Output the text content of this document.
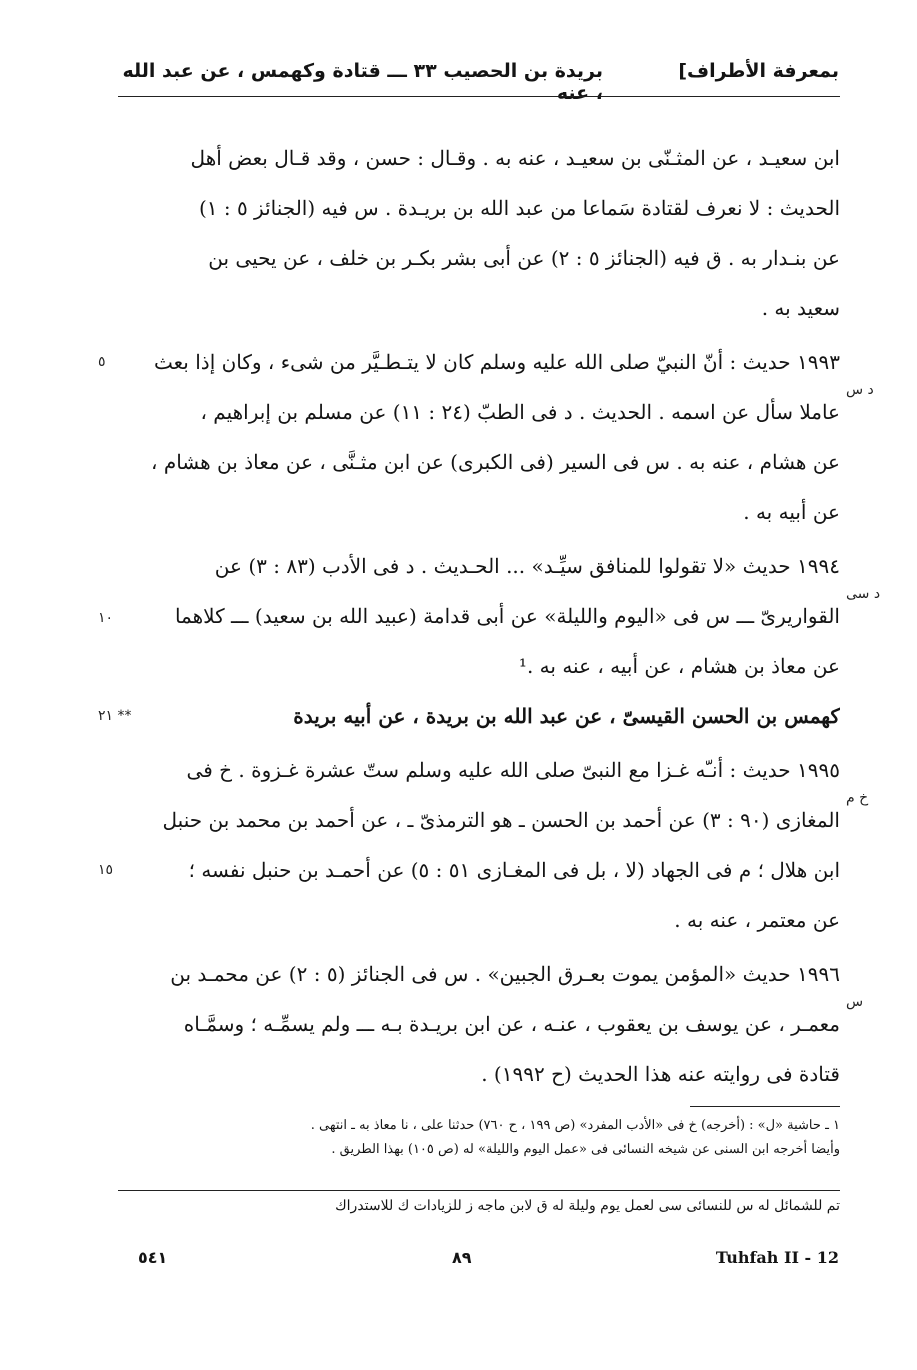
بمعرفة الأطراف]
بريدة بن الحصيب ٣٣ ـــ قتادة وكهمس ، عن عبد الله ، عنه
ابن سعيـد ، عن المثـنّى بن سعيـد ، عنه به . وقـال : حسن ، وقد قـال بعض أهل
الحديث : لا نعرف لقتادة سَماعا من عبد الله بن بريـدة . س فيه (الجنائز ٥ : ١)
عن بنـدار به . ق فيه (الجنائز ٥ : ٢) عن أبى بشر بكـر بن خلف ، عن يحيى بن
سعيد به .
١٩٩٣ حديث : أنّ النبيّ صلى الله عليه وسلم كان لا يتـطـيَّر من شىء ، وكان إذا بعث
عاملا سأل عن اسمه . الحديث . د فى الطبّ (٢٤ : ١١) عن مسلم بن إبراهيم ،
عن هشام ، عنه به . س فى السير (فى الكبرى) عن ابن مثـنَّى ، عن معاذ بن هشام ،
عن أبيه به .
١٩٩٤ حديث «لا تقولوا للمنافق سيِّـد» ... الحـديث . د فى الأدب (٨٣ : ٣) عن
القواريرىّ ـــ س فى «اليوم والليلة» عن أبى قدامة (عبيد الله بن سعيد) ـــ كلاهما
عن معاذ بن هشام ، عن أبيه ، عنه به .¹
كهمس بن الحسن القيسىّ ، عن عبد الله بن بريدة ، عن أبيه بريدة
١٩٩٥ حديث : أنـّه غـزا مع النبىّ صلى الله عليه وسلم ستّ عشرة غـزوة . خ فى
المغازى (٩٠ : ٣) عن أحمد بن الحسن ـ هو الترمذىّ ـ ، عن أحمد بن محمد بن حنبل
ابن هلال ؛ م فى الجهاد (لا ، بل فى المغـازى ٥١ : ٥) عن أحمـد بن حنبل نفسه ؛
عن معتمر ، عنه به .
١٩٩٦ حديث «المؤمن يموت بعـرق الجبين» . س فى الجنائز (٥ : ٢) عن محمـد بن
معمـر ، عن يوسف بن يعقوب ، عنـه ، عن ابن بريـدة بـه ـــ ولم يسمِّـه ؛ وسمَّـاه
قتادة فى روايته عنه هذا الحديث (ح ١٩٩٢) .
٥
د س
د سى
١٠
٢١ **
خ م
١٥
س
١ ـ حاشية «ل» : (أخرجه) خ فى «الأدب المفرد» (ص ١٩٩ ، ح ٧٦٠) حدثنا على ، نا معاذ به ـ انتهى .
وأيضا أخرجه ابن السنى عن شيخه النسائى فى «عمل اليوم والليلة» له (ص ١٠٥) بهذا الطريق .
تم للشمائل له س للنسائى سى لعمل يوم وليلة له ق لابن ماجه ز للزيادات ك للاستدراك
٥٤١	٨٩	Tuhfah II - 12
